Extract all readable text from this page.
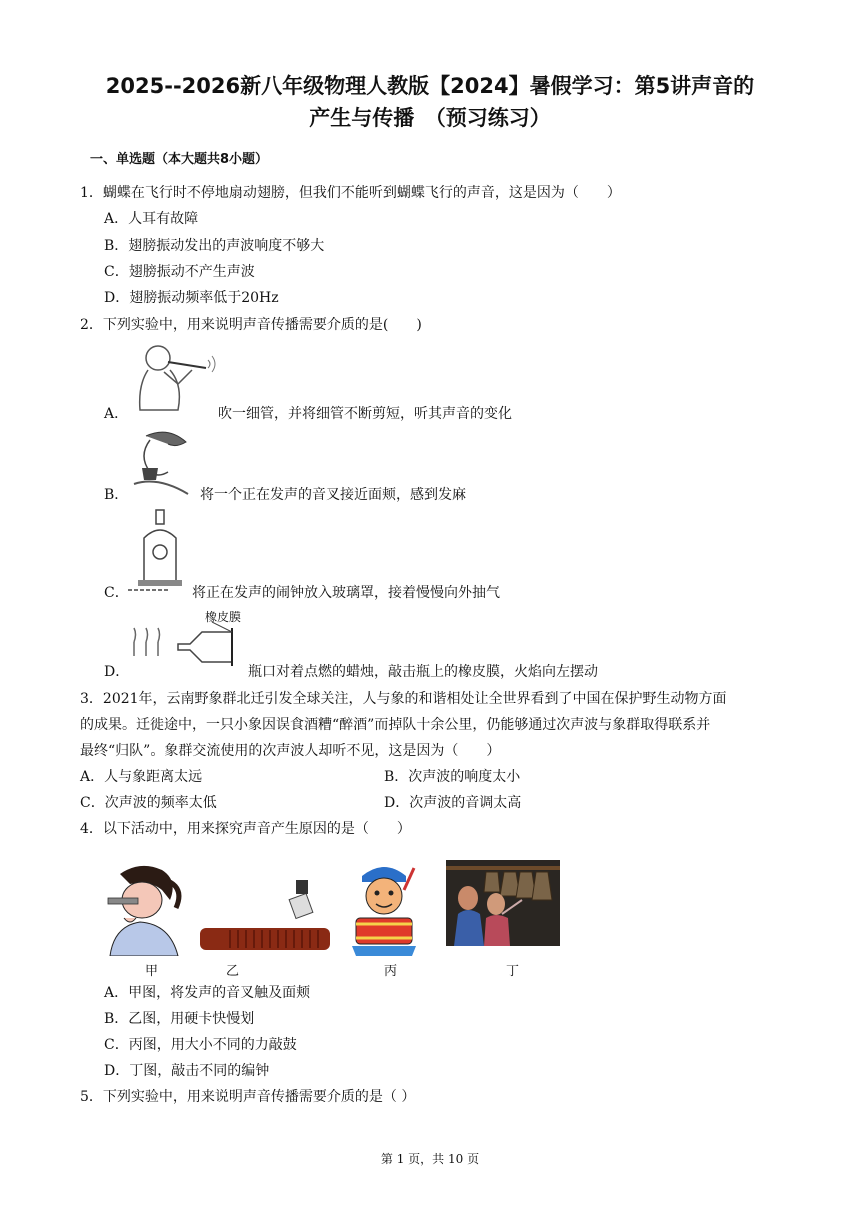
2025--2026新八年级物理人教版【2024】暑假学习：第5讲声音的
产生与传播　（预习练习）
一、单选题（本大题共8小题）
1．蝴蝶在飞行时不停地扇动翅膀，但我们不能听到蝴蝶飞行的声音，这是因为（　　）
A．人耳有故障
B．翅膀振动发出的声波响度不够大
C．翅膀振动不产生声波
D．翅膀振动频率低于20Hz
2．下列实验中，用来说明声音传播需要介质的是(　　)
A．	吹一细管，并将细管不断剪短，听其声音的变化
B．	将一个正在发声的音叉接近面颊，感到发麻
C．	将正在发声的闹钟放入玻璃罩，接着慢慢向外抽气
D．
橡皮膜
瓶口对着点燃的蜡烛，敲击瓶上的橡皮膜，火焰向左摆动
3．2021年，云南野象群北迁引发全球关注，人与象的和谐相处让全世界看到了中国在保护野生动物方面
的成果。迁徙途中，一只小象因误食酒糟“醉酒”而掉队十余公里，仍能够通过次声波与象群取得联系并
最终“归队”。象群交流使用的次声波人却听不见，这是因为（　　）
A．人与象距离太远	B．次声波的响度太小
C．次声波的频率太低	D．次声波的音调太高
4．以下活动中，用来探究声音产生原因的是（　　）
甲	乙	丙	丁
A．甲图，将发声的音叉触及面颊
B．乙图，用硬卡快慢划
C．丙图，用大小不同的力敲鼓
D．丁图，敲击不同的编钟
5．下列实验中，用来说明声音传播需要介质的是（ ）
第 1 页，共 10 页
